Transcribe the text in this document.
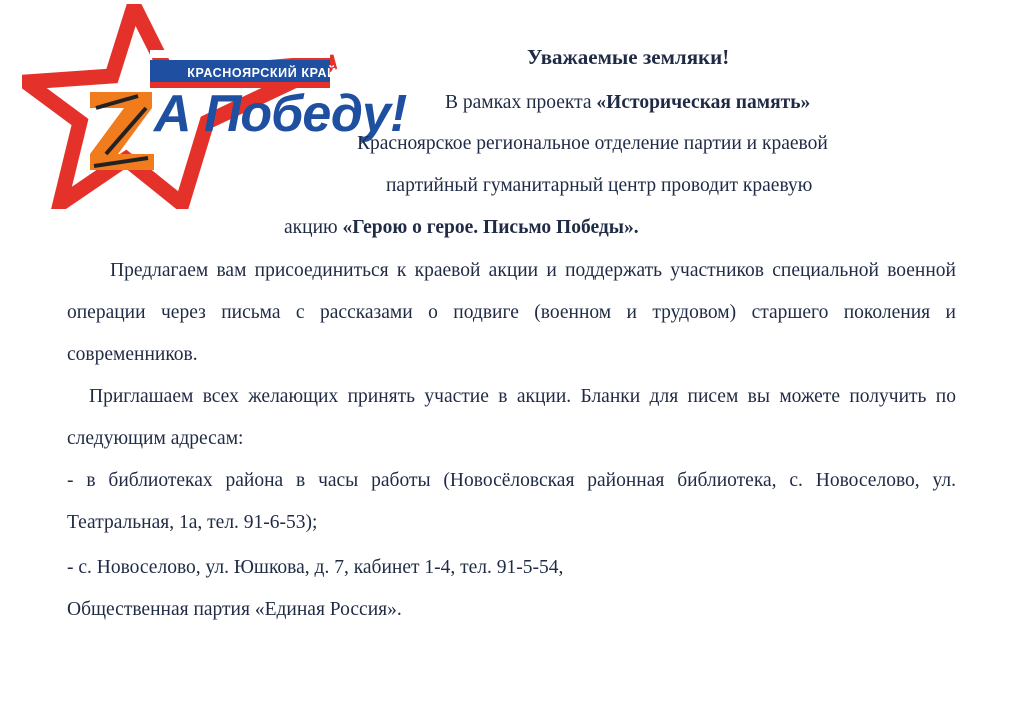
КРАСНОЯРСКИЙ КРАЙ
А Победу!
Уважаемые земляки!
В рамках проекта «Историческая память»
Красноярское региональное отделение партии и краевой
партийный гуманитарный центр проводит краевую
акцию «Герою о герое. Письмо Победы».
Предлагаем вам присоединиться к краевой акции и поддержать участников специальной военной операции через письма с рассказами о подвиге (военном и трудовом) старшего поколения и современников.
Приглашаем всех желающих принять участие в акции. Бланки для писем вы можете получить по следующим адресам:
- в библиотеках района в часы работы (Новосёловская районная библиотека, с. Новоселово, ул. Театральная, 1а, тел. 91-6-53);
- с. Новоселово, ул. Юшкова, д. 7, кабинет 1-4, тел. 91-5-54,
Общественная партия «Единая Россия».
